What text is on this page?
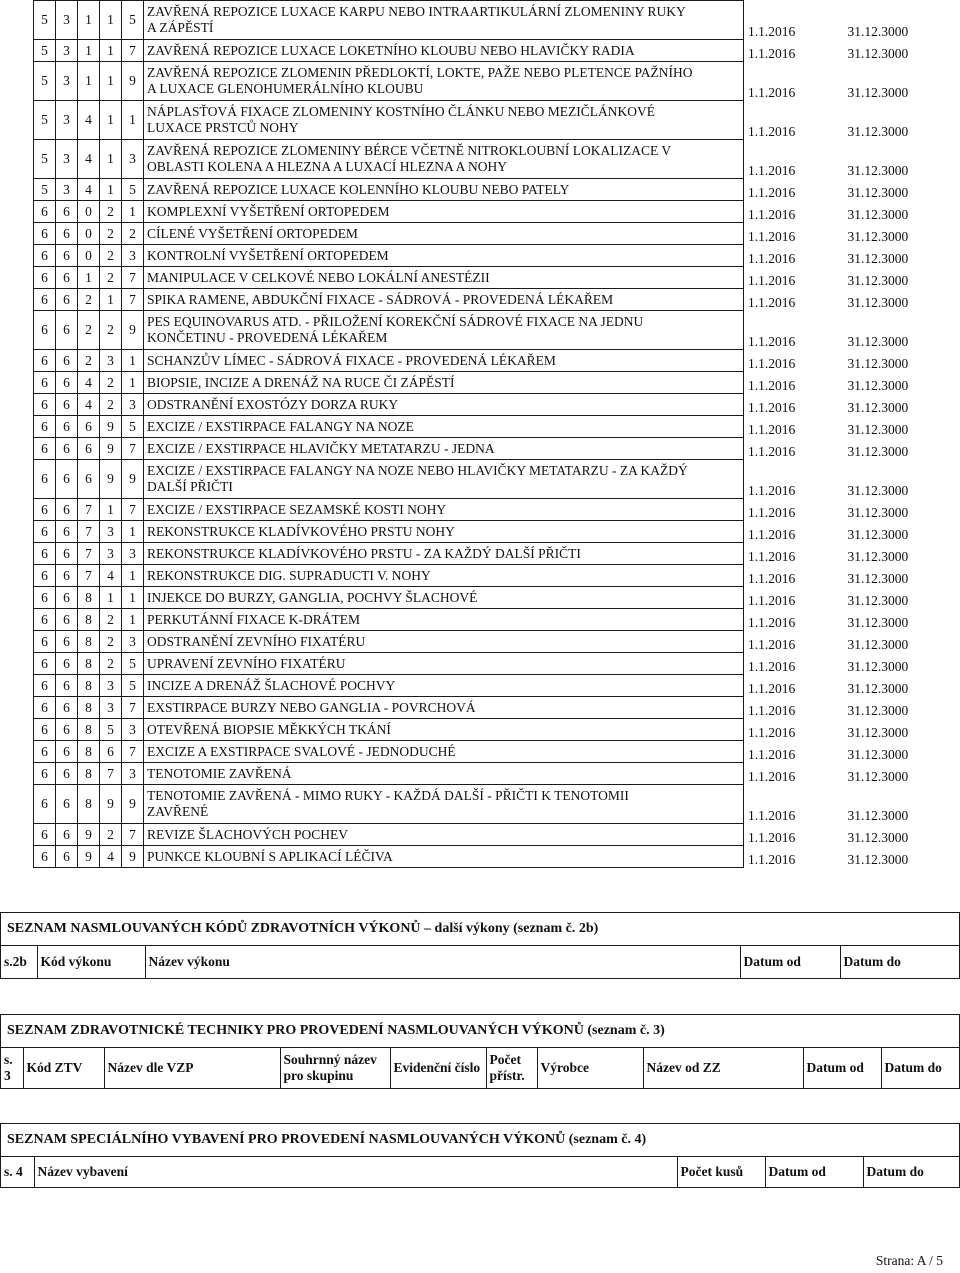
5	3	1	1	5	ZAVŘENÁ REPOZICE LUXACE KARPU NEBO INTRAARTIKULÁRNÍ ZLOMENINY RUKY
A ZÁPĚSTÍ	1.1.2016	31.12.3000
5	3	1	1	7	ZAVŘENÁ REPOZICE LUXACE LOKETNÍHO KLOUBU NEBO HLAVIČKY RADIA	1.1.2016	31.12.3000
5	3	1	1	9	ZAVŘENÁ REPOZICE ZLOMENIN PŘEDLOKTÍ, LOKTE, PAŽE NEBO PLETENCE PAŽNÍHO
A LUXACE GLENOHUMERÁLNÍHO KLOUBU	1.1.2016	31.12.3000
5	3	4	1	1	NÁPLASŤOVÁ FIXACE ZLOMENINY KOSTNÍHO ČLÁNKU NEBO MEZIČLÁNKOVÉ
LUXACE PRSTCŮ NOHY	1.1.2016	31.12.3000
5	3	4	1	3	ZAVŘENÁ REPOZICE ZLOMENINY BÉRCE VČETNĚ NITROKLOUBNÍ LOKALIZACE V
OBLASTI KOLENA A HLEZNA A LUXACÍ HLEZNA A NOHY	1.1.2016	31.12.3000
5	3	4	1	5	ZAVŘENÁ REPOZICE LUXACE KOLENNÍHO KLOUBU NEBO PATELY	1.1.2016	31.12.3000
6	6	0	2	1	KOMPLEXNÍ VYŠETŘENÍ ORTOPEDEM	1.1.2016	31.12.3000
6	6	0	2	2	CÍLENÉ VYŠETŘENÍ ORTOPEDEM	1.1.2016	31.12.3000
6	6	0	2	3	KONTROLNÍ VYŠETŘENÍ ORTOPEDEM	1.1.2016	31.12.3000
6	6	1	2	7	MANIPULACE V CELKOVÉ NEBO LOKÁLNÍ ANESTÉZII	1.1.2016	31.12.3000
6	6	2	1	7	SPIKA RAMENE, ABDUKČNÍ FIXACE - SÁDROVÁ - PROVEDENÁ LÉKAŘEM	1.1.2016	31.12.3000
6	6	2	2	9	PES EQUINOVARUS ATD. - PŘILOŽENÍ KOREKČNÍ SÁDROVÉ FIXACE NA JEDNU
KONČETINU - PROVEDENÁ LÉKAŘEM	1.1.2016	31.12.3000
6	6	2	3	1	SCHANZŮV LÍMEC - SÁDROVÁ FIXACE - PROVEDENÁ LÉKAŘEM	1.1.2016	31.12.3000
6	6	4	2	1	BIOPSIE, INCIZE A DRENÁŽ NA RUCE ČI ZÁPĚSTÍ	1.1.2016	31.12.3000
6	6	4	2	3	ODSTRANĚNÍ EXOSTÓZY DORZA RUKY	1.1.2016	31.12.3000
6	6	6	9	5	EXCIZE / EXSTIRPACE FALANGY NA NOZE	1.1.2016	31.12.3000
6	6	6	9	7	EXCIZE / EXSTIRPACE HLAVIČKY METATARZU - JEDNA	1.1.2016	31.12.3000
6	6	6	9	9	EXCIZE / EXSTIRPACE FALANGY NA NOZE NEBO HLAVIČKY METATARZU - ZA KAŽDÝ
DALŠÍ PŘIČTI	1.1.2016	31.12.3000
6	6	7	1	7	EXCIZE / EXSTIRPACE SEZAMSKÉ KOSTI NOHY	1.1.2016	31.12.3000
6	6	7	3	1	REKONSTRUKCE KLADÍVKOVÉHO PRSTU NOHY	1.1.2016	31.12.3000
6	6	7	3	3	REKONSTRUKCE KLADÍVKOVÉHO PRSTU - ZA KAŽDÝ DALŠÍ PŘIČTI	1.1.2016	31.12.3000
6	6	7	4	1	REKONSTRUKCE DIG. SUPRADUCTI V. NOHY	1.1.2016	31.12.3000
6	6	8	1	1	INJEKCE DO BURZY, GANGLIA, POCHVY ŠLACHOVÉ	1.1.2016	31.12.3000
6	6	8	2	1	PERKUTÁNNÍ FIXACE K-DRÁTEM	1.1.2016	31.12.3000
6	6	8	2	3	ODSTRANĚNÍ ZEVNÍHO FIXATÉRU	1.1.2016	31.12.3000
6	6	8	2	5	UPRAVENÍ ZEVNÍHO FIXATÉRU	1.1.2016	31.12.3000
6	6	8	3	5	INCIZE A DRENÁŽ ŠLACHOVÉ POCHVY	1.1.2016	31.12.3000
6	6	8	3	7	EXSTIRPACE BURZY NEBO GANGLIA - POVRCHOVÁ	1.1.2016	31.12.3000
6	6	8	5	3	OTEVŘENÁ BIOPSIE MĚKKÝCH TKÁNÍ	1.1.2016	31.12.3000
6	6	8	6	7	EXCIZE A EXSTIRPACE SVALOVÉ - JEDNODUCHÉ	1.1.2016	31.12.3000
6	6	8	7	3	TENOTOMIE ZAVŘENÁ	1.1.2016	31.12.3000
6	6	8	9	9	TENOTOMIE ZAVŘENÁ - MIMO RUKY - KAŽDÁ DALŠÍ - PŘIČTI K TENOTOMII
ZAVŘENÉ	1.1.2016	31.12.3000
6	6	9	2	7	REVIZE ŠLACHOVÝCH POCHEV	1.1.2016	31.12.3000
6	6	9	4	9	PUNKCE KLOUBNÍ S APLIKACÍ LÉČIVA	1.1.2016	31.12.3000
SEZNAM NASMLOUVANÝCH KÓDŮ ZDRAVOTNÍCH VÝKONŮ – další výkony (seznam č. 2b)
s.2b	Kód výkonu	Název výkonu	Datum od	Datum do
SEZNAM ZDRAVOTNICKÉ TECHNIKY PRO PROVEDENÍ NASMLOUVANÝCH VÝKONŮ (seznam č. 3)
s. 3	Kód ZTV	Název dle VZP	Souhrnný název pro skupinu	Evidenční číslo	Počet přístr.	Výrobce	Název od ZZ	Datum od	Datum do
SEZNAM SPECIÁLNÍHO VYBAVENÍ PRO PROVEDENÍ NASMLOUVANÝCH VÝKONŮ (seznam č. 4)
s. 4	Název vybavení	Počet kusů	Datum od	Datum do
Strana: A / 5
